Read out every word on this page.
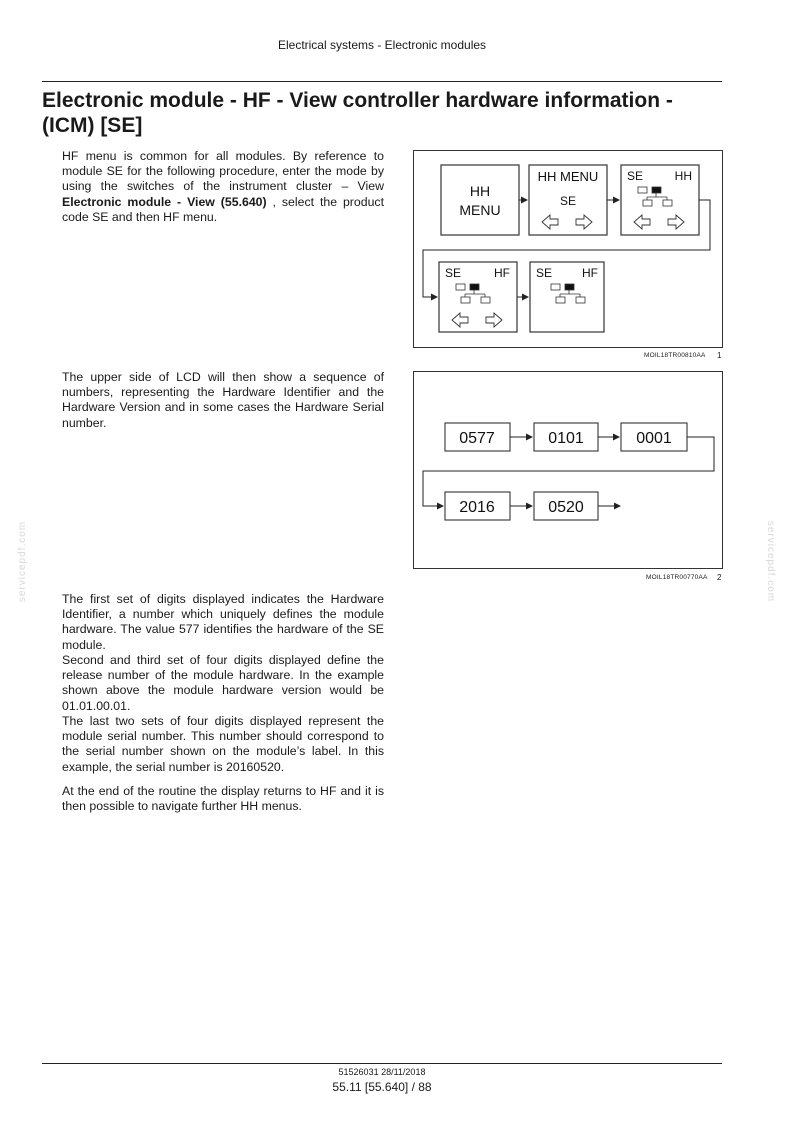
Electrical systems - Electronic modules
Electronic module - HF - View controller hardware information - (ICM) [SE]
HF menu is common for all modules. By reference to module SE for the following procedure, enter the mode by using the switches of the instrument cluster – View Electronic module - View (55.640) , select the product code SE and then HF menu.
The upper side of LCD will then show a sequence of numbers, representing the Hardware Identifier and the Hardware Version and in some cases the Hardware Serial number.
The first set of digits displayed indicates the Hardware Identifier, a number which uniquely defines the module hardware. The value 577 identifies the hardware of the SE module.
Second and third set of four digits displayed define the release number of the module hardware. In the example shown above the module hardware version would be 01.01.00.01.
The last two sets of four digits displayed represent the module serial number. This number should correspond to the serial number shown on the module’s label. In this example, the serial number is 20160520.
At the end of the routine the display returns to HF and it is then possible to navigate further HH menus.
HH
MENU
HH MENU
SE
SE	HH
SE	HF SE HF
MOIL18TR00810AA 1
0577	0101	0001
2016	0520
MOIL18TR00770AA 2
servicepdf.com	servicepdf.com
51526031 28/11/2018
55.11 [55.640] / 88
